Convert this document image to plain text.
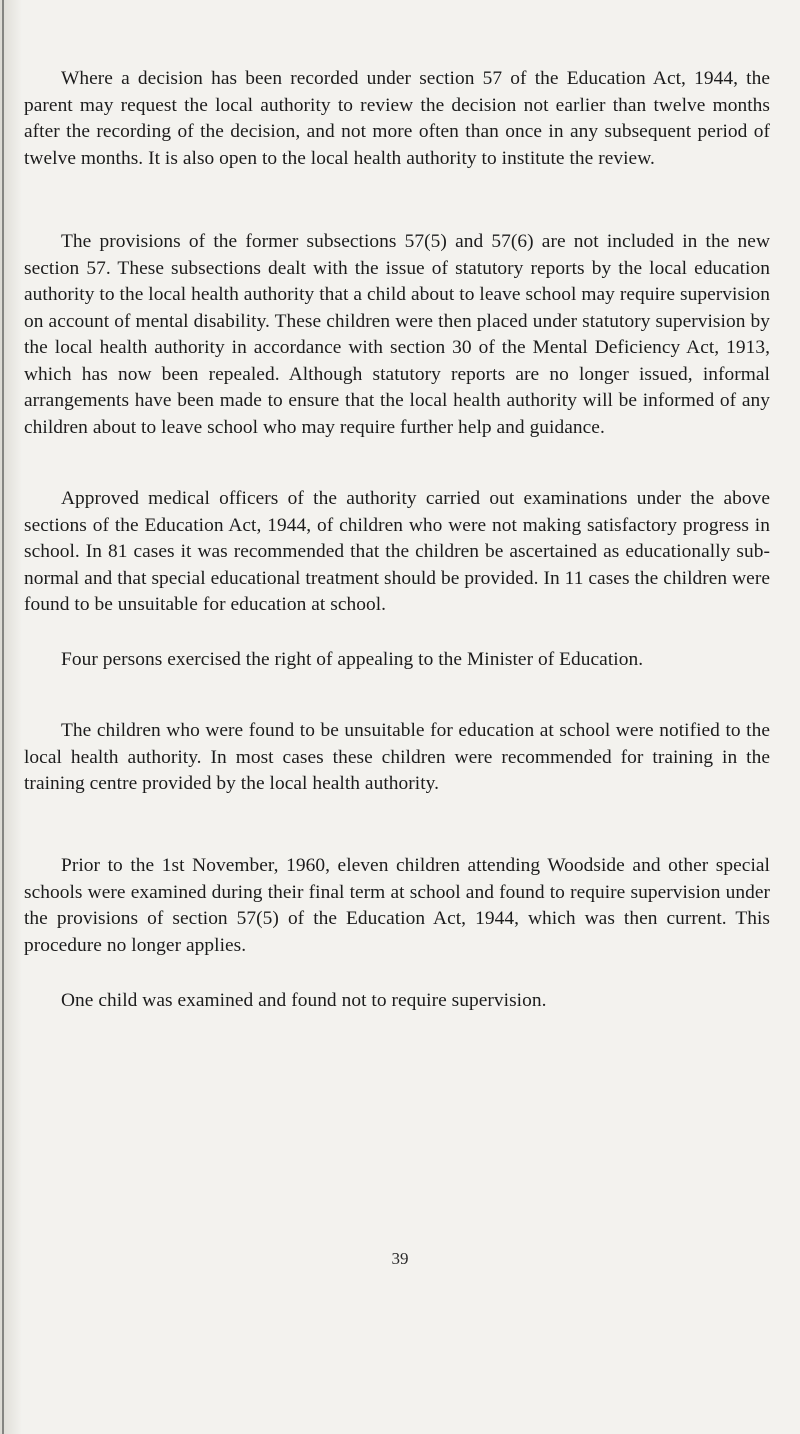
Where a decision has been recorded under section 57 of the Education Act, 1944, the parent may request the local authority to review the decision not earlier than twelve months after the recording of the decision, and not more often than once in any subsequent period of twelve months. It is also open to the local health authority to institute the review.

The provisions of the former subsections 57(5) and 57(6) are not included in the new section 57. These subsections dealt with the issue of statutory reports by the local education authority to the local health authority that a child about to leave school may require supervision on account of mental disability. These children were then placed under statutory supervision by the local health authority in accordance with section 30 of the Mental Deficiency Act, 1913, which has now been repealed. Although statutory reports are no longer issued, informal arrangements have been made to ensure that the local health authority will be informed of any children about to leave school who may require further help and guidance.

Approved medical officers of the authority carried out examinations under the above sections of the Education Act, 1944, of children who were not making satisfactory progress in school. In 81 cases it was recommended that the children be ascertained as educationally sub-normal and that special educational treatment should be provided. In 11 cases the children were found to be unsuitable for education at school.

Four persons exercised the right of appealing to the Minister of Education.

The children who were found to be unsuitable for education at school were notified to the local health authority. In most cases these children were recommended for training in the training centre provided by the local health authority.

Prior to the 1st November, 1960, eleven children attending Woodside and other special schools were examined during their final term at school and found to require supervision under the provisions of section 57(5) of the Education Act, 1944, which was then current. This procedure no longer applies.

One child was examined and found not to require supervision.

39
